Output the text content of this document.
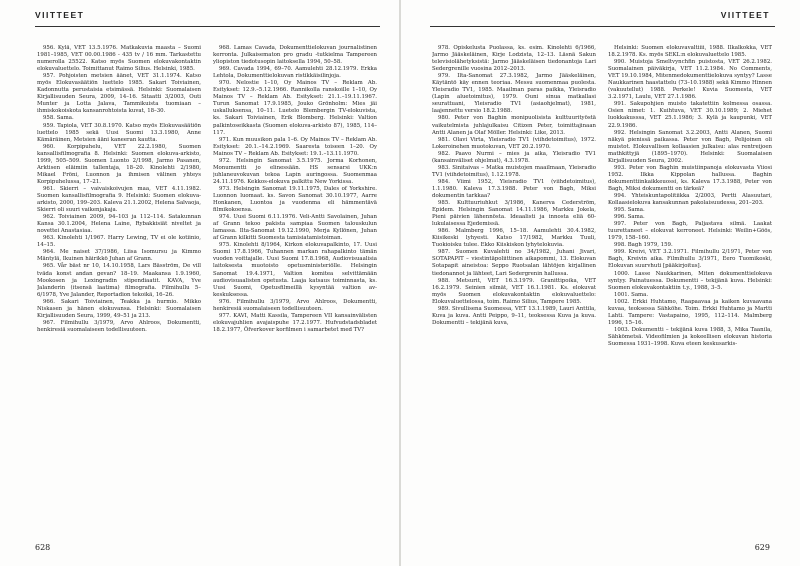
VIITTEET

956. Kylä, VET 13.5.1976. Matkakuvia maasta – Suomi 1981–1985, VET 00.00.1986 - 435 tv / 16 mm. Tarkastettu numerolla 25522. Katso myös Suomen elokuvakontaktin elokuvaluettelo. Toimittanut Raimo Silius. Helsinki, 1985.

957. Pohjoisten metsien äänet, VET 31.1.1974. Katso myös Elokuvasäätiön luettelo 1985. Sakari Toiviainen, Kadonnutta perustaisia etsimässä. Helsinki: Suomalaisen Kirjallisuuden Seura, 2009, 14–16. Sitaatti 3/2003, Outi Munter ja Lotta Jalava, Tammikuista tuomiaan – ihmiskokoiskota kansanrohtoista kuvat, 18–30.

958. Sama.

959. Tapiola, VET 30.8.1970. Katso myös Elokuvasäätiön luettelo 1985 sekä Uusi Suomi 13.3.1980, Anne Kämäräinen, Metsien ääni kaneeran kautta.

960. Korpipuhelu, VET 22.2.1980, Suomen kansallisfilmografia 8. Helsinki: Suomen elokuva-arkisto, 1999, 505–509. Suomen Luonto 2/1998, Jarmo Pasanen, Arktisen eläimiin tallentaja, 18–20. Kinolehti 2/1980, Mikael Fröni, Luonnon ja ihmisen välinen yhteys Korpipuhelussa, 17–21.

961. Skierri – vaivaiskoivujen maa, VET 4.11.1982. Suomen kansallisfilmografia 9. Helsinki: Suomen elokuva-arkisto, 2000, 199–203. Kaleva 21.1.2002, Helena Salvaoja, Skierri oli suuri vaikenjakaja.

962. Toiviainen 2009, 94–103 ja 112–114. Satakunnan Kansa 30.1.2004, Helena Laine, Rybakkisiät niveltet ja novettei Anastasiaa.

963. Kinolehti 1/1967. Harry Lewing, TV ei ole kotiinio, 14–15.

964. Me naiset 37/1986, Liisa Isomursu ja Kimmo Mäntylä, Ikuinen häirikkö Juhan af Grann.

965. Vår bäst nr 10, 14.10.1958, Lars Bäsström, De vill tväda konst andan gevan? 18–19. Maakansa 1.9.1960, Mookosen ja Lexingradin stipendiaatit. KAVA, Yve Jalanderin (itsensä laatima) filmografia. Filmihullu 5–6/1978, Yve Jalander, Reportadion tekoikä, 16–26.

966. Sakari Toiviainen, Teakka ja hurmio. Mikko Niskasen ja hänen elokuvansa. Helsinki: Suomalaisen Kirjallisuuden Seura, 1999, 49–51 ja 213.

967. Filmihullu 3/1979, Arvo Ahlroos, Dokumentti, henkiresiä suomalaiseen todellisuuteen.

968. Lamas Cavada, Dokumenttielokuvan journalistinen kerronta. Julkaisematon pro gradu -tutkielma Tampereen yliopiston tiedotusopin laitoksella 1994, 50–58.

969. Cavada 1994, 69–70. Aamulehti 28.12.1979. Erkka Lehtola, Dokumenttielokuvan ristikkäisilinjoja.

970. Nelostie 1–10, Oy Mainos TV – Reklam Ab. Esitykset: 12.9.–5.12.1966. Rannikolla ranskoille 1–10, Oy Mainos TV – Reklam Ab. Esitykset: 21.1.–19.11.1967. Turun Sanomat 17.9.1985, Jouko Grönholm: Mies jäi uskalluksensa, 10–11. Luetelo Blembergin TV-elokuvista, ks. Sakari Toiviainen, Erik Blomberg. Helsinki: Valtion palkintoseikkasta (Suomen elokuva-arkisto 87), 1985, 114–117.

971. Kun muusikon pala 1–6. Oy Mainos TV – Reklam Ab. Esitykset: 20.1.–14.2.1969. Saaresta toiseen 1–20. Oy Mainos TV – Reklam Ab. Esitykset: 19.1.–13.11.1970.

972. Helsingin Sanomat 3.5.1975. Jorma Korhonen, Monumentti jo elinessään. HS sensarsi UKK:n juhlaneuvokuvan tekoa Lapin auringossa. Suomenmaa 24.11.1976. Kekkos-elokuva palkittu New Yorkissa.

973. Helsingin Sanomat 19.11.1975, Dales of Yorkshire. Luonnon luomaat. ks. Savon Sanomat 30.10.1977, Aarre Honkanen, Luontoa ja vuodenma eli hämmentävä filmikokoensa.

974. Uusi Suomi 6.11.1976. Veli-Antti Savolainen, Juhan af Grann tekoo pakista sampiaa Suomen talouskulun lamassa. Ilta-Sanomat 19.12.1990, Merja Kyllönen, Juhan af Grann kilkitti Suomesta tamisiatamistoiman.

975. Kinolehti 8/1964, Kirkon elokuvapalkinto, 17. Uusi Suomi 17.8.1966, Tuhannen markan rahapalkinto tämän vuoden voittajalle. Uusi Suomi 17.8.1968, Audiovisuaalisia laitoksesta muotoisto opetusministeriölle. Helsingin Sanomat 19.4.1971, Valtion komitea selvittämään audiovisuaalisten opetusta. Laaja katsaus toiminnasta, ks. Uusi Suomi, Opetusfilmeillä kysyntää valtion av-keskuksessa.

976. Filmihullu 3/1979, Arvo Ahlroos, Dokumentti, henkiresiä suomalaiseen todellisuuteen.

977. KAVI, Matti Kassila, Tampereen VII kansainvälisten elokuvajuhlien avajaispuhe 17.2.1977. Hufvudstadsbladet 18.2.1977, Öfverkover korfilmen i samarbetet med TV?

628
VIITTEET

978. Opiskelusta Puolassa, ks. esim. Kinolehti 6/1966, Jarmo Jääskeläinen, Kirje Lodzista, 12–13. Läsnä Sakun televisiolähetyksistä: Jarmo Jääskeläisen tiedonantoja Lari Sedergrenille vuosina 2012–2013.

979. Ilta-Sanomat 27.3.1982, Jarmo Jääskeläinen, Käytäntö käy ennen teoriaa. Messu suomenmaa puolesta. Yleisradio TV1, 1985. Maailman paras paikka, Yleisradio (Lapin aluetoimitus), 1979. Ouni sinua matkallasi seurattuani, Yleisradio TV1 (asiaohjelmat), 1981, laajennettu versio 18.2.1988.

980. Peter von Baghin monipuolisista kulttuurityöstä vaikutelmista juhlajulkaisu Citizen Peter, toimittajinaan Antti Alanen ja Olaf Möller. Helsinki: Like, 2013.

981. Olavi Virta, Yleisradio TV1 (viihdetoimitus), 1972. Lokeroinehen muotokuvan, VET 20.2.1970.

982. Paavo Nurmi – mies ja aika, Yleisradio TV1 (kansainväliset ohjelmat), 4.3.1978.

983. Sinitaivas – Matka muistojen maailmaan, Yleisradio TV1 (viihdetoimitus), 1.12.1978.

984. Viimi 1952, Yleisradio TV1 (viihdetoimitus), 1.1.1980. Kaleva 17.3.1988. Peter von Bagh, Miksi dokumentin tarkkaa?

985. Kulttuuriuhkut 3/1986, Kanerva Cederström, Epidem. Helsingin Sanomat 14.11.1986, Markku Jokela, Pieni päivien lähennösta. Ideaalisti ja innosta eliä 60-lukulaisessa Ejedemissä.

986. Malmberg 1996, 15–18. Aamulehti 30.4.1982, Kiisikeski lyhyesti. Katso 17/1982, Markku Tuuli, Tuokioisku tulee. Ekko Kiiskiskon lyhytelokuvia.

987. Suomen Kuvalehti no 34/1982, Juhani Jivari, SOTAPAPIT – viestintäpoliittinen aikapommi, 13. Elokuvan Sotapapit aineistoa: Seppo Ruotsalan lähtöjen kirjallinen tiedonannot ja lähteet, Lari Sedergrenin hallussa.

988. Metsurit, VET 16.3.1979. Granittipoika, VET 16.2.1979. Seinien silmät, VET 16.1.1981. Ks. elokuvat myös Suomen elokuvakontaktin elokuvaluettelo: Elokuvaluettelossa, toim. Raimo Silius, Tampere 1985.

989. Sivullisena Suomessa, VET 13.1.1989, Lauri Anttila, Kuva ja kuva. Antti Peippo, 9–11, teoksessa Kuva ja kuva. Dokumentti – tekijänä kuva,

Helsinki: Suomen elokuvavaltiiii, 1988. Ilkalkokka, VET 18.2.1978. Ks. myös SEKL:n elokuvaluettelo 1985.

990. Muistoja Smeltvynchfin puistosta, VET 26.2.1982. Suomalainen päiväkirja, VET 11.2.1984. No Comments, VET 19.10.1984, Mitenmedokumenttielokuva syntyy? Lasse Naukkarinen haastattelu (73–10.1988) sekä Kimmo Hinnen (vakuutellut) 1988. Perkele! Kuvia Suomesta, VET 3.2.1971, Laulu, VET 27.1.1986.

991. Sakupohjien muisto takatettiin kolmessa osassa. Osien nimet: 1. Kuihtuva, VET 30.10.1989; 2. Miehet luokkakusssa, VET 25.1.1986; 3. Kylä ja kaupunki, VET 22.9.1986.

992. Helsingin Sanomat 3.2.2003, Antti Alanen, Suomi näkyä pienissä paikassa. Peter von Bagh, Pelijoinen oli muistot. Elokuvallisen kollaasien julkaisu: alas rentreijoen mathkittyjä (1895–1970). Helsinki: Suomalaisen Kirjallisuuden Seura, 2002.

993. Peter von Baghin muistiinpanoja elokuvasta Viiosi 1952. Ilkka Kippolan hallussa. Baghin dokumenttiinkaikkeuossi, ks. Kaleva 17.3.1988, Peter von Bagh, Miksi dokumentti on tärkeä?

994. Yhteiskuntapolitiikka 2/2003, Pertti Alasuutari, Kollaasielokuva kansakunnan pakolaisuudessa, 201–203.

995. Sama.

996. Sama.

997. Peter von Bagh, Paljastava silmä. Laakat tuurettaneet – elokuvat kerroneet. Helsinki: Weilin+Göös, 1979, 158–160.

998. Bagh 1979, 159.

999. Kreivi, VET 3.2.1971. Filmihullu 2/1971, Peter von Bagh, Kreivin aika. Filmihullu 3/1971, Eero Tuomikoski, Elokuvan suurvhuti [pääkirjoitus].

1000. Lasse Naukkarinen, Miten dokumenttielokuva syntyy. Painatuessa. Dokumentti – tekijänä kuva. Helsinki: Suomen elokuvakontaktiin t.y., 1988, 3–5.

1001. Sama.

1002. Erkki Huhtamo, Raapaavaa ja kaiken kuvaavana kuvaa, teoksessa Sähköhe. Toim. Erkki Huhtamo ja Martti Lahti. Tampere: Vastapaino, 1995, 112–114. Malmberg 1996, 15–16.

1003. Dokumentti – tekijänä kuva 1988, 3, Mika Taanila, Sähkömetsä. Videofilmien ja kokeellisen elokuvan historia Suomessa 1931–1998. Kuva eteen keskusarkis-

629
